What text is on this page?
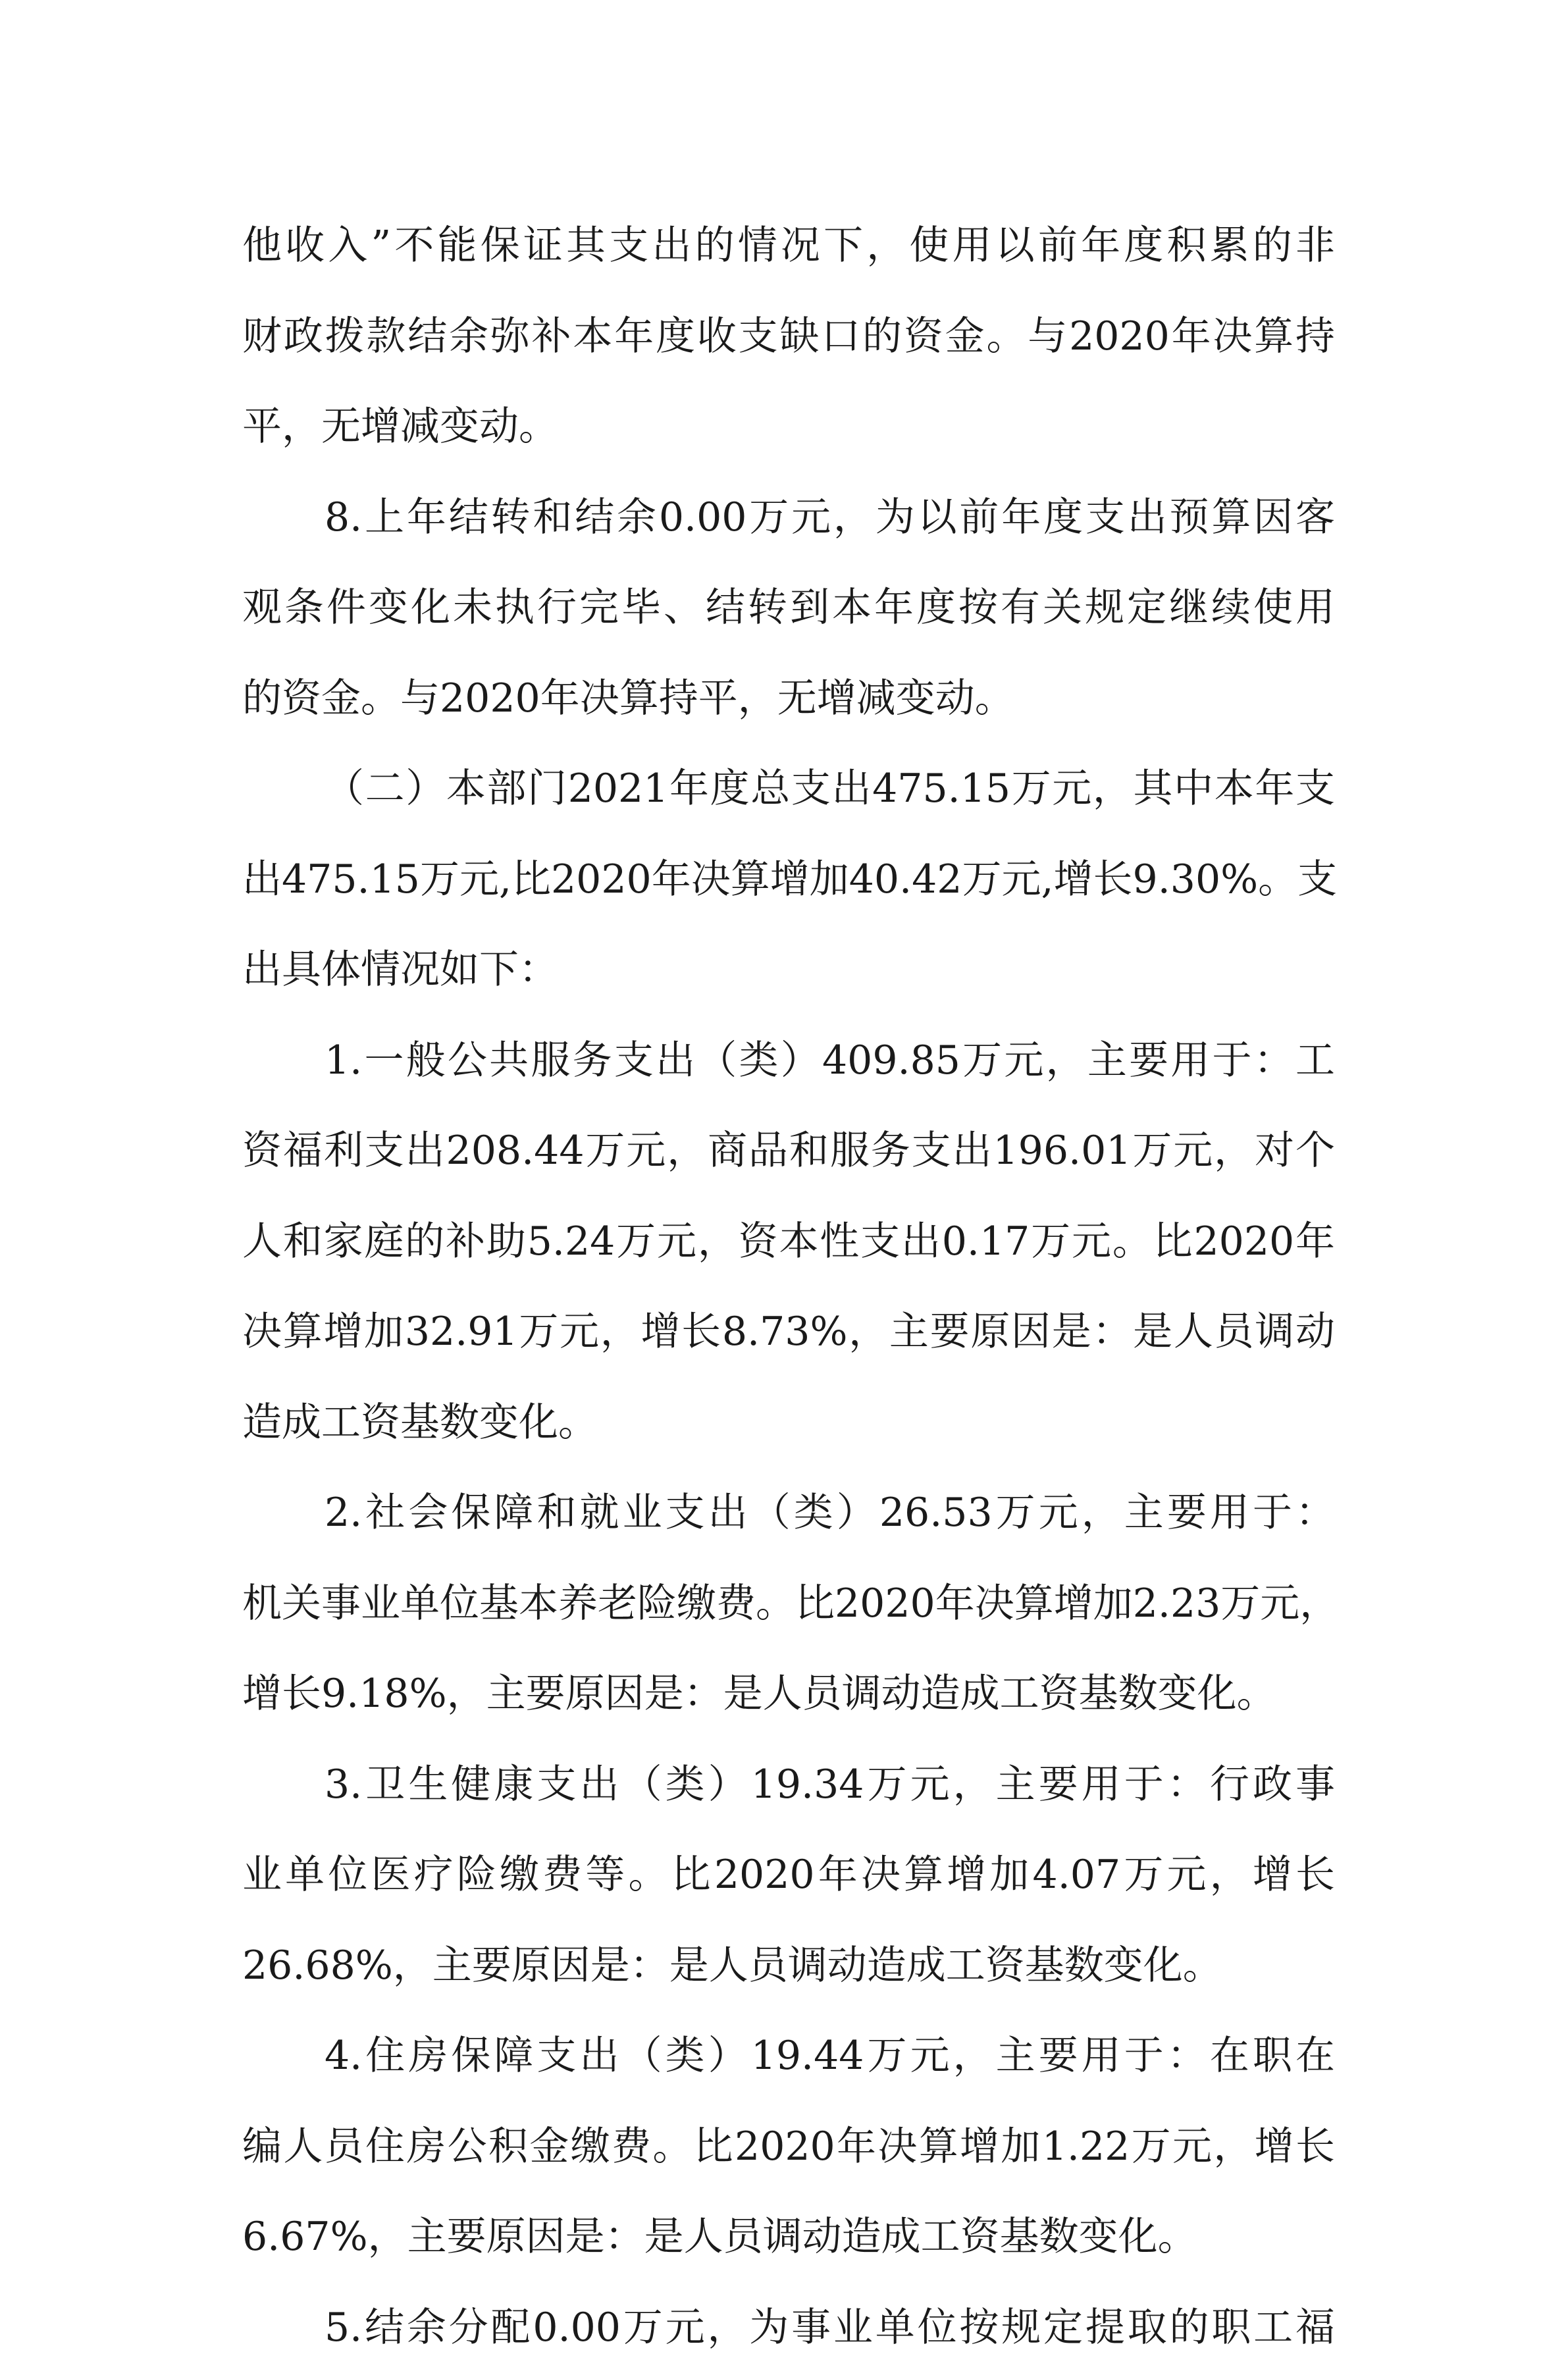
他收入”不能保证其支出的情况下，使用以前年度积累的非
财政拨款结余弥补本年度收支缺口的资金。与2020年决算持
平，无增减变动。
8.上年结转和结余0.00万元，为以前年度支出预算因客
观条件变化未执行完毕、结转到本年度按有关规定继续使用
的资金。与2020年决算持平，无增减变动。
（二）本部门2021年度总支出475.15万元，其中本年支
出475.15万元,比2020年决算增加40.42万元,增长9.30%。支
出具体情况如下：
1.一般公共服务支出（类）409.85万元，主要用于：工
资福利支出208.44万元，商品和服务支出196.01万元，对个
人和家庭的补助5.24万元，资本性支出0.17万元。比2020年
决算增加32.91万元，增长8.73%，主要原因是：是人员调动
造成工资基数变化。
2.社会保障和就业支出（类）26.53万元，主要用于：
机关事业单位基本养老险缴费。比2020年决算增加2.23万元，
增长9.18%，主要原因是：是人员调动造成工资基数变化。
3.卫生健康支出（类）19.34万元，主要用于：行政事
业单位医疗险缴费等。比2020年决算增加4.07万元，增长
26.68%，主要原因是：是人员调动造成工资基数变化。
4.住房保障支出（类）19.44万元，主要用于：在职在
编人员住房公积金缴费。比2020年决算增加1.22万元，增长
6.67%，主要原因是：是人员调动造成工资基数变化。
5.结余分配0.00万元，为事业单位按规定提取的职工福
